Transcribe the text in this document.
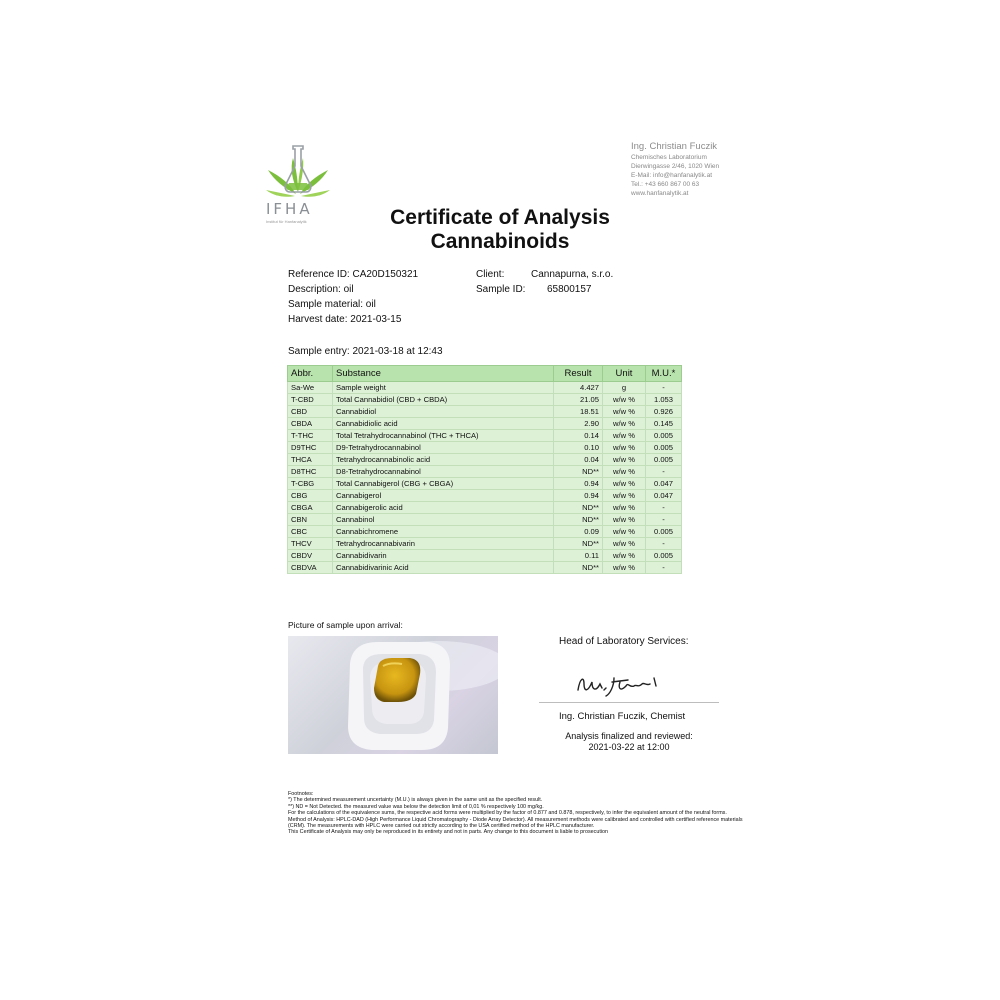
IFHA
Institut für Hanfanalytik
Ing. Christian Fuczik
Chemisches Laboratorium
Dierwingasse 2/46, 1020 Wien
E-Mail: info@hanfanalytik.at
Tel.: +43 660 867 00 63
www.hanfanalytik.at
Certificate of Analysis
Cannabinoids
Reference ID: CA20D150321
Description: oil
Sample material: oil
Harvest date: 2021-03-15
Client:	Cannapurna, s.r.o.
Sample ID: 65800157
Sample entry: 2021-03-18 at 12:43
Abbr.	Substance	Result	Unit	M.U.*
Sa-We	Sample weight	4.427	g	-
T-CBD	Total Cannabidiol (CBD + CBDA)	21.05	w/w %	1.053
CBD	Cannabidiol	18.51	w/w %	0.926
CBDA	Cannabidiolic acid	2.90	w/w %	0.145
T-THC	Total Tetrahydrocannabinol (THC + THCA)	0.14	w/w %	0.005
D9THC	D9-Tetrahydrocannabinol	0.10	w/w %	0.005
THCA	Tetrahydrocannabinolic acid	0.04	w/w %	0.005
D8THC	D8-Tetrahydrocannabinol	ND**	w/w %	-
T-CBG	Total Cannabigerol (CBG + CBGA)	0.94	w/w %	0.047
CBG	Cannabigerol	0.94	w/w %	0.047
CBGA	Cannabigerolic acid	ND**	w/w %	-
CBN	Cannabinol	ND**	w/w %	-
CBC	Cannabichromene	0.09	w/w %	0.005
THCV	Tetrahydrocannabivarin	ND**	w/w %	-
CBDV	Cannabidivarin	0.11	w/w %	0.005
CBDVA	Cannabidivarinic Acid	ND**	w/w %	-
Picture of sample upon arrival:
Head of Laboratory Services:
Ing. Christian Fuczik, Chemist
Analysis finalized and reviewed:
2021-03-22 at 12:00
Footnotes:
*) The determined measurement uncertainty (M.U.) is always given in the same unit as the specified result.
**) ND = Not Detected. the measured value was below the detection limit of 0,01 % respectively 100 mg/kg.
For the calculations of the equivalence sums, the respective acid forms were multiplied by the factor of 0.877 and 0.878, respectively, to infer the equivalent amount of the neutral forms.
Method of Analysis: HPLC-DAD (High Performance Liquid Chromatography - Diode Array Detector). All measurement methods were calibrated and controlled with certified reference materials (CRM). The measurements with HPLC were carried out strictly according to the USA certified method of the HPLC manufacturer.
This Certificate of Analysis may only be reproduced in its entirety and not in parts. Any change to this document is liable to prosecution
